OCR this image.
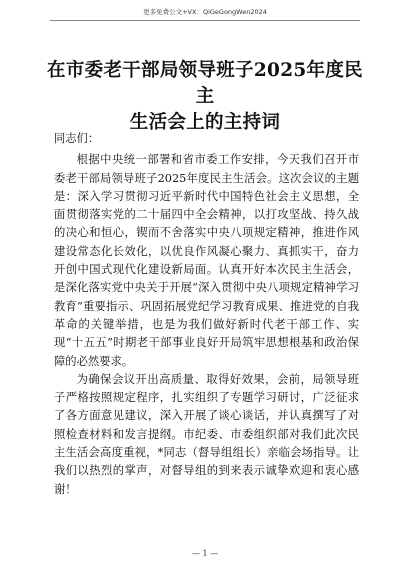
更多免费公文+VX：QiGeGongWen2024
在市委老干部局领导班子2025年度民主
生活会上的主持词

同志们：

根据中央统一部署和省市委工作安排，今天我们召开市委老干部局领导班子2025年度民主生活会。这次会议的主题是：深入学习贯彻习近平新时代中国特色社会主义思想，全面贯彻落实党的二十届四中全会精神，以打攻坚战、持久战的决心和恒心，锲而不舍落实中央八项规定精神，推进作风建设常态化长效化，以优良作风凝心聚力、真抓实干，奋力开创中国式现代化建设新局面。认真开好本次民主生活会，是深化落实党中央关于开展“深入贯彻中央八项规定精神学习教育”重要指示、巩固拓展党纪学习教育成果、推进党的自我革命的关键举措，也是为我们做好新时代老干部工作、实现“十五五”时期老干部事业良好开局筑牢思想根基和政治保障的必然要求。

为确保会议开出高质量、取得好效果，会前，局领导班子严格按照规定程序，扎实组织了专题学习研讨，广泛征求了各方面意见建议，深入开展了谈心谈话，并认真撰写了对照检查材料和发言提纲。市纪委、市委组织部对我们此次民主生活会高度重视，*同志（督导组组长）亲临会场指导。让我们以热烈的掌声，对督导组的到来表示诚挚欢迎和衷心感谢！

— 1 —
